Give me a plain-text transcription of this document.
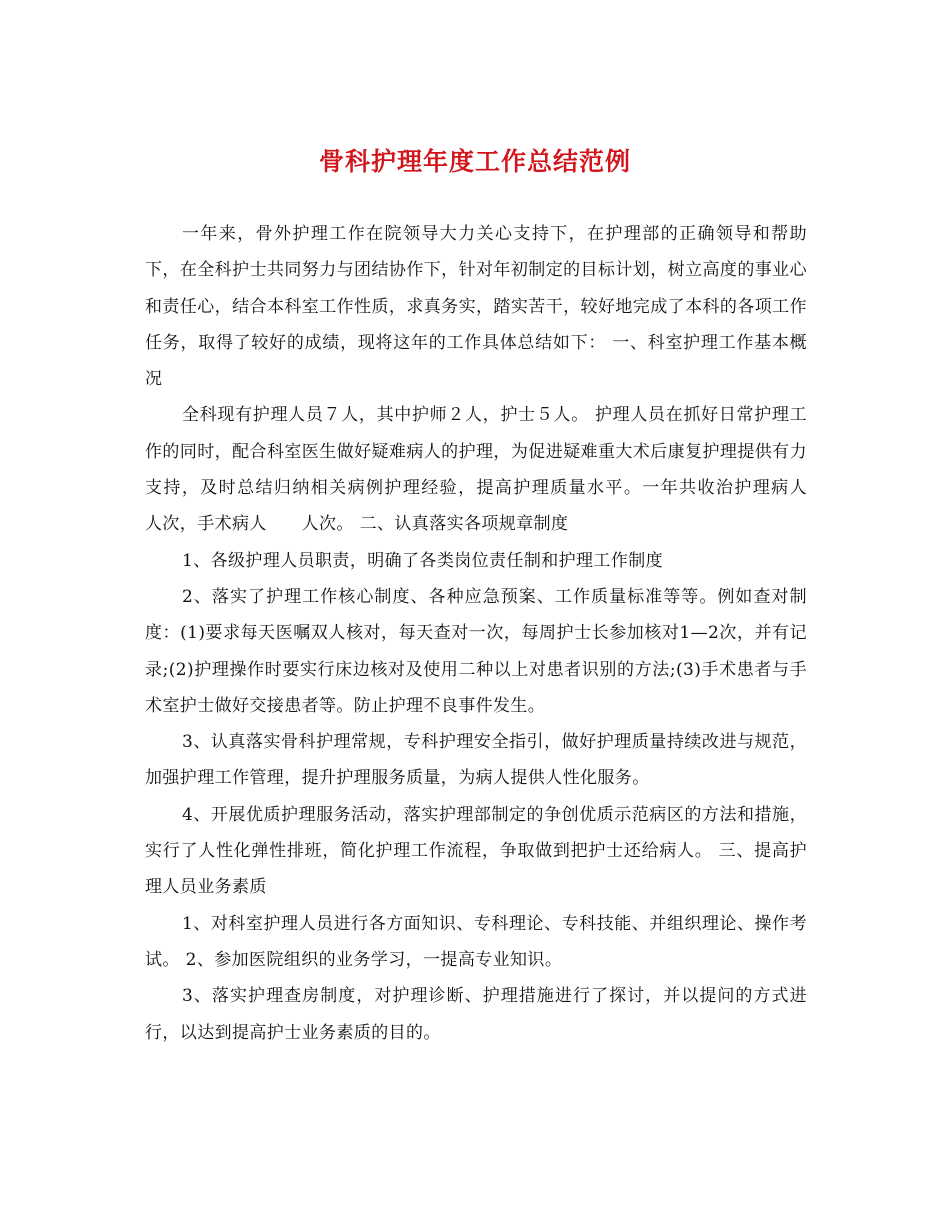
骨科护理年度工作总结范例

一年来，骨外护理工作在院领导大力关心支持下，在护理部的正确领导和帮助下，在全科护士共同努力与团结协作下，针对年初制定的目标计划，树立高度的事业心和责任心，结合本科室工作性质，求真务实，踏实苦干，较好地完成了本科的各项工作任务，取得了较好的成绩，现将这年的工作具体总结如下： 一、科室护理工作基本概况

全科现有护理人员７人，其中护师２人，护士５人。 护理人员在抓好日常护理工作的同时，配合科室医生做好疑难病人的护理，为促进疑难重大术后康复护理提供有力支持，及时总结归纳相关病例护理经验，提高护理质量水平。一年共收治护理病人　　人次，手术病人　　人次。 二、认真落实各项规章制度

1、各级护理人员职责，明确了各类岗位责任制和护理工作制度

2、落实了护理工作核心制度、各种应急预案、工作质量标准等等。例如查对制度：(1)要求每天医嘱双人核对，每天查对一次，每周护士长参加核对1—2次，并有记录;(2)护理操作时要实行床边核对及使用二种以上对患者识别的方法;(3)手术患者与手术室护士做好交接患者等。防止护理不良事件发生。

3、认真落实骨科护理常规，专科护理安全指引，做好护理质量持续改进与规范，加强护理工作管理，提升护理服务质量，为病人提供人性化服务。

4、开展优质护理服务活动，落实护理部制定的争创优质示范病区的方法和措施，实行了人性化弹性排班，简化护理工作流程，争取做到把护士还给病人。 三、提高护理人员业务素质

1、对科室护理人员进行各方面知识、专科理论、专科技能、并组织理论、操作考试。 2、参加医院组织的业务学习，一提高专业知识。

3、落实护理查房制度，对护理诊断、护理措施进行了探讨，并以提问的方式进行，以达到提高护士业务素质的目的。
